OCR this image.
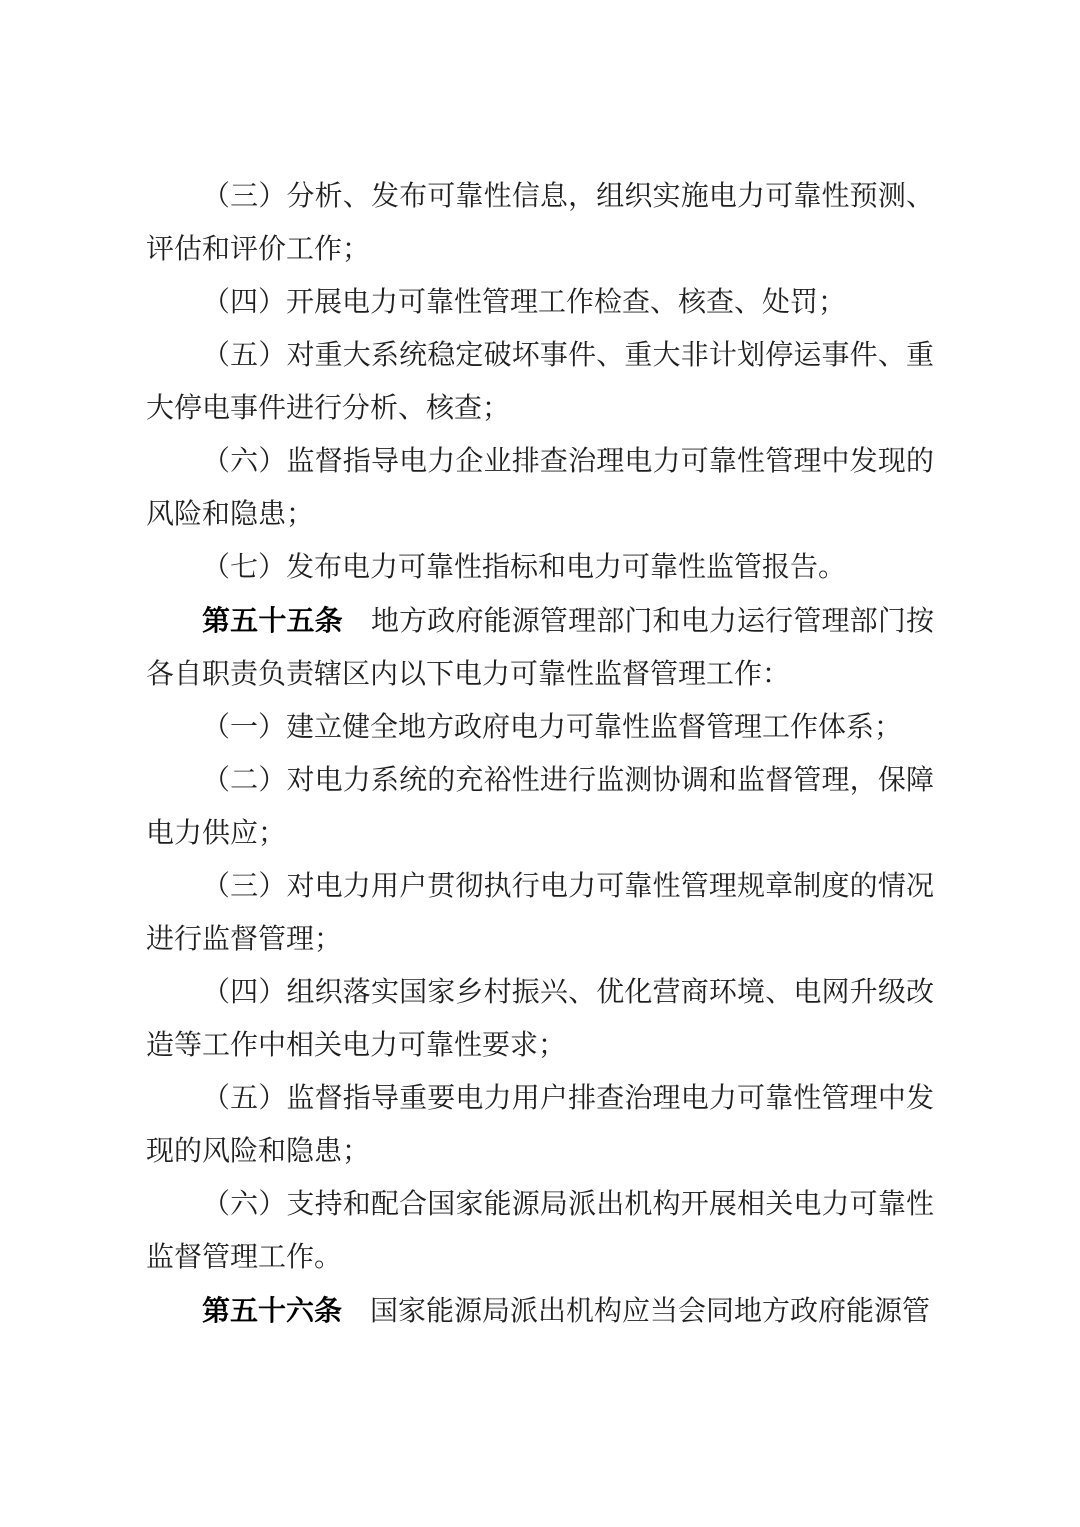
（三）分析、发布可靠性信息，组织实施电力可靠性预测、评估和评价工作；

（四）开展电力可靠性管理工作检查、核查、处罚；

（五）对重大系统稳定破坏事件、重大非计划停运事件、重大停电事件进行分析、核查；

（六）监督指导电力企业排查治理电力可靠性管理中发现的风险和隐患；

（七）发布电力可靠性指标和电力可靠性监管报告。

第五十五条　 地方政府能源管理部门和电力运行管理部门按各自职责负责辖区内以下电力可靠性监督管理工作：

（一）建立健全地方政府电力可靠性监督管理工作体系；

（二）对电力系统的充裕性进行监测协调和监督管理，保障电力供应；

（三）对电力用户贯彻执行电力可靠性管理规章制度的情况进行监督管理；

（四）组织落实国家乡村振兴、优化营商环境、电网升级改造等工作中相关电力可靠性要求；

（五）监督指导重要电力用户排查治理电力可靠性管理中发现的风险和隐患；

（六）支持和配合国家能源局派出机构开展相关电力可靠性监督管理工作。

第五十六条　 国家能源局派出机构应当会同地方政府能源管
